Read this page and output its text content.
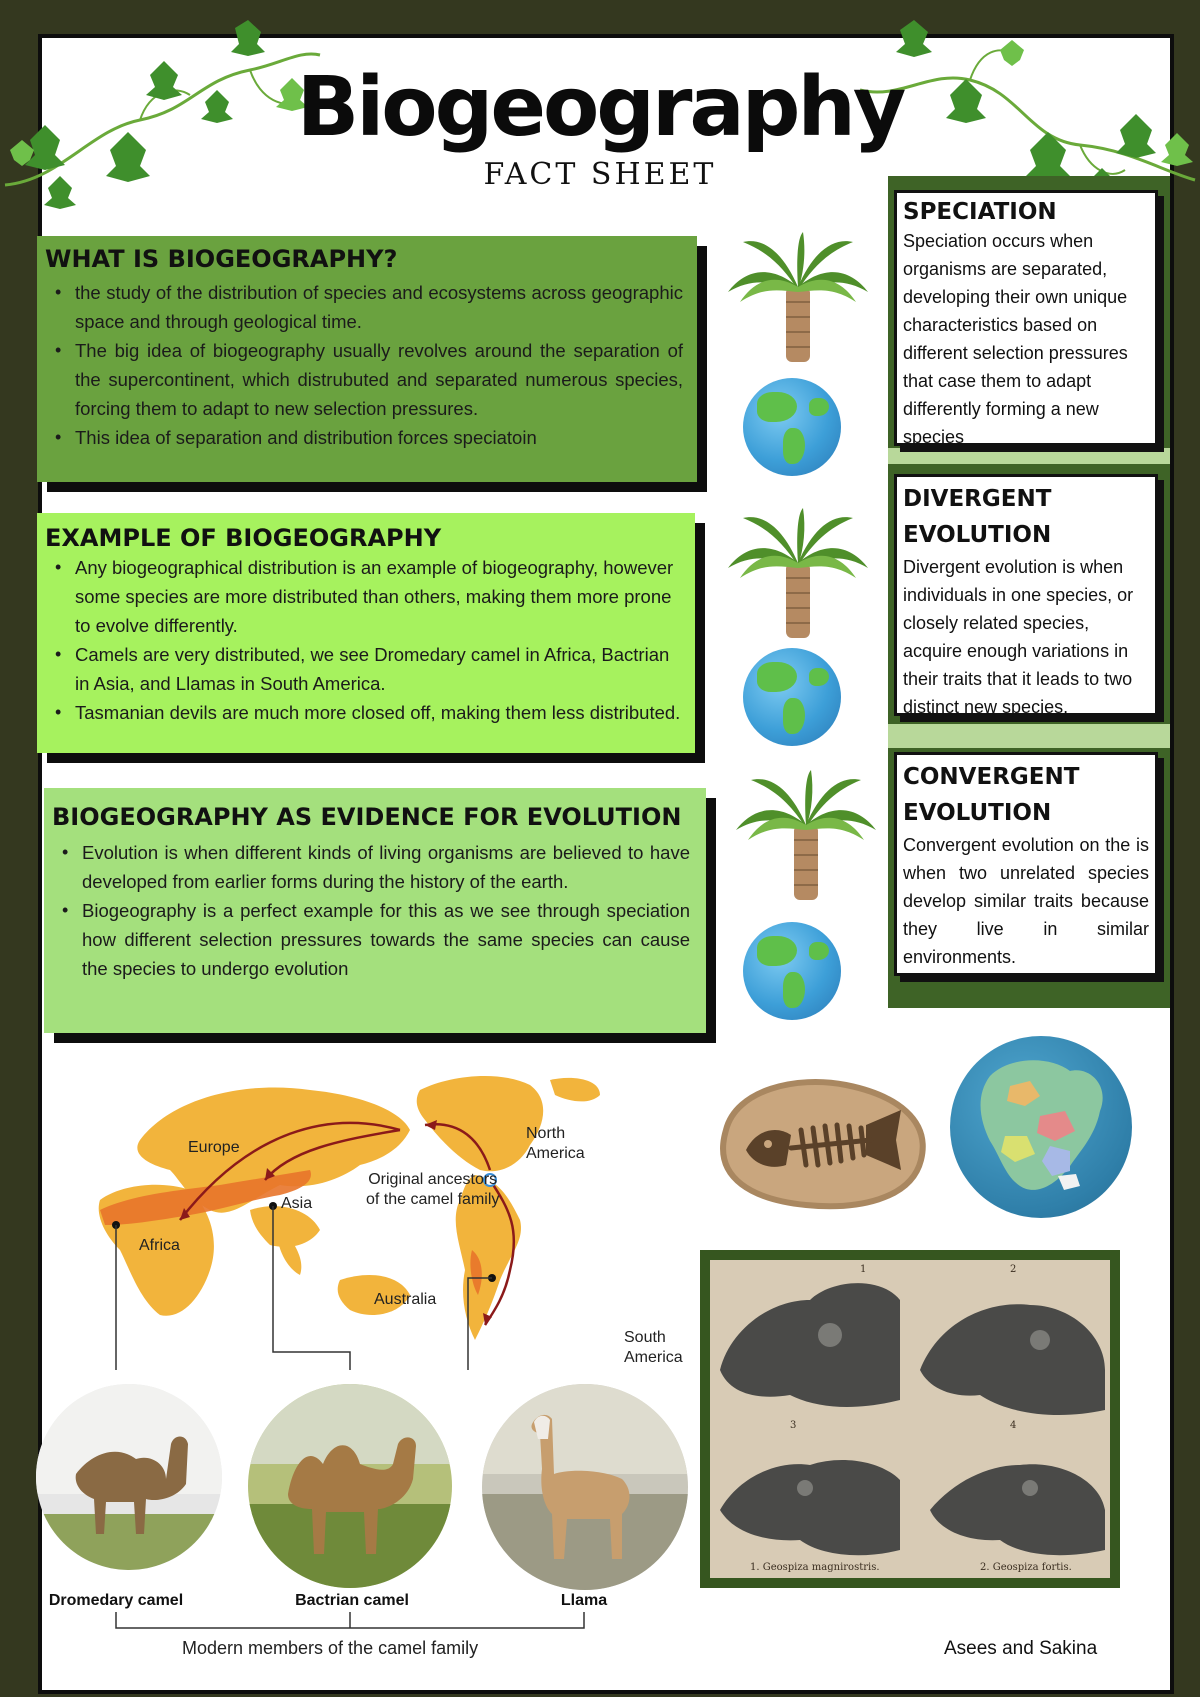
Biogeography
FACT SHEET
WHAT IS BIOGEOGRAPHY?
• the study of the distribution of species and ecosystems across geographic space and through geological time.
• The big idea of biogeography usually revolves around the separation of the supercontinent, which distrubuted and separated numerous species, forcing them to adapt to new selection pressures.
• This idea of separation and distribution forces speciatoin
EXAMPLE OF BIOGEOGRAPHY
• Any biogeographical distribution is an example of biogeography, however some species are more distributed than others, making them more prone to evolve differently.
• Camels are very distributed, we see Dromedary camel in Africa, Bactrian in Asia, and Llamas in South America.
• Tasmanian devils are much more closed off, making them less distributed.
BIOGEOGRAPHY AS EVIDENCE FOR EVOLUTION
• Evolution is when different kinds of living organisms are believed to have developed from earlier forms during the history of the earth.
• Biogeography is a perfect example for this as we see through speciation how different selection pressures towards the same species can cause the species to undergo evolution
SPECIATION

Speciation occurs when organisms are separated, developing their own unique characteristics based on different selection pressures that case them to adapt differently forming a new species

DIVERGENT
EVOLUTION

Divergent evolution is when individuals in one species, or closely related species, acquire enough variations in their traits that it leads to two distinct new species.

CONVERGENT
EVOLUTION

Convergent evolution on the is when two unrelated species develop similar traits because they live in similar environments.

Europe
Asia
Africa
Australia
North
America
South
America
Original ancestors
of the camel family
Dromedary camel	Bactrian camel	Llama
Modern members of the camel family
1	2
3	4
1. Geospiza magnirostris.	2. Geospiza fortis.
Asees and Sakina
